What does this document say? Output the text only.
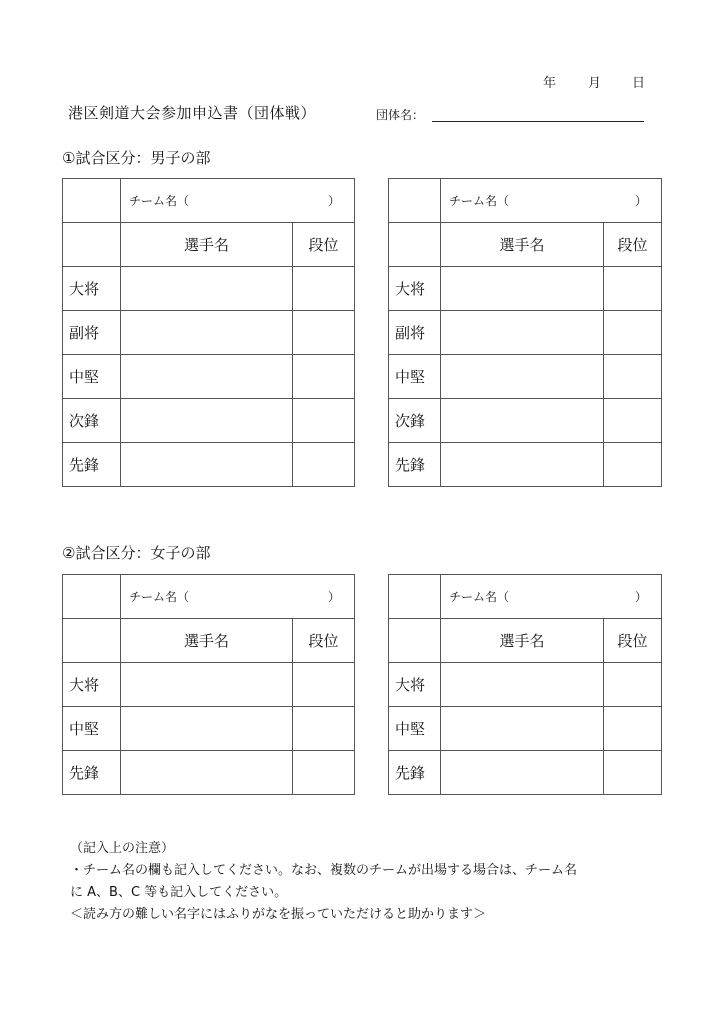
年 月 日
港区剣道大会参加申込書（団体戦）	団体名：
①試合区分：男子の部

	チーム名（ ）	

	選手名	段位
大将		
副将		
中堅		
次鋒		
先鋒		

	チーム名（ ）	

	選手名	段位
大将		
副将		
中堅		
次鋒		
先鋒		
②試合区分：女子の部

	チーム名（ ）	

	選手名	段位
大将		
中堅		
先鋒		

	チーム名（ ）	

	選手名	段位
大将		
中堅		
先鋒		
（記入上の注意）
・チーム名の欄も記入してください。なお、複数のチームが出場する場合は、チーム名
に A、B、C 等も記入してください。
＜読み方の難しい名字にはふりがなを振っていただけると助かります＞
